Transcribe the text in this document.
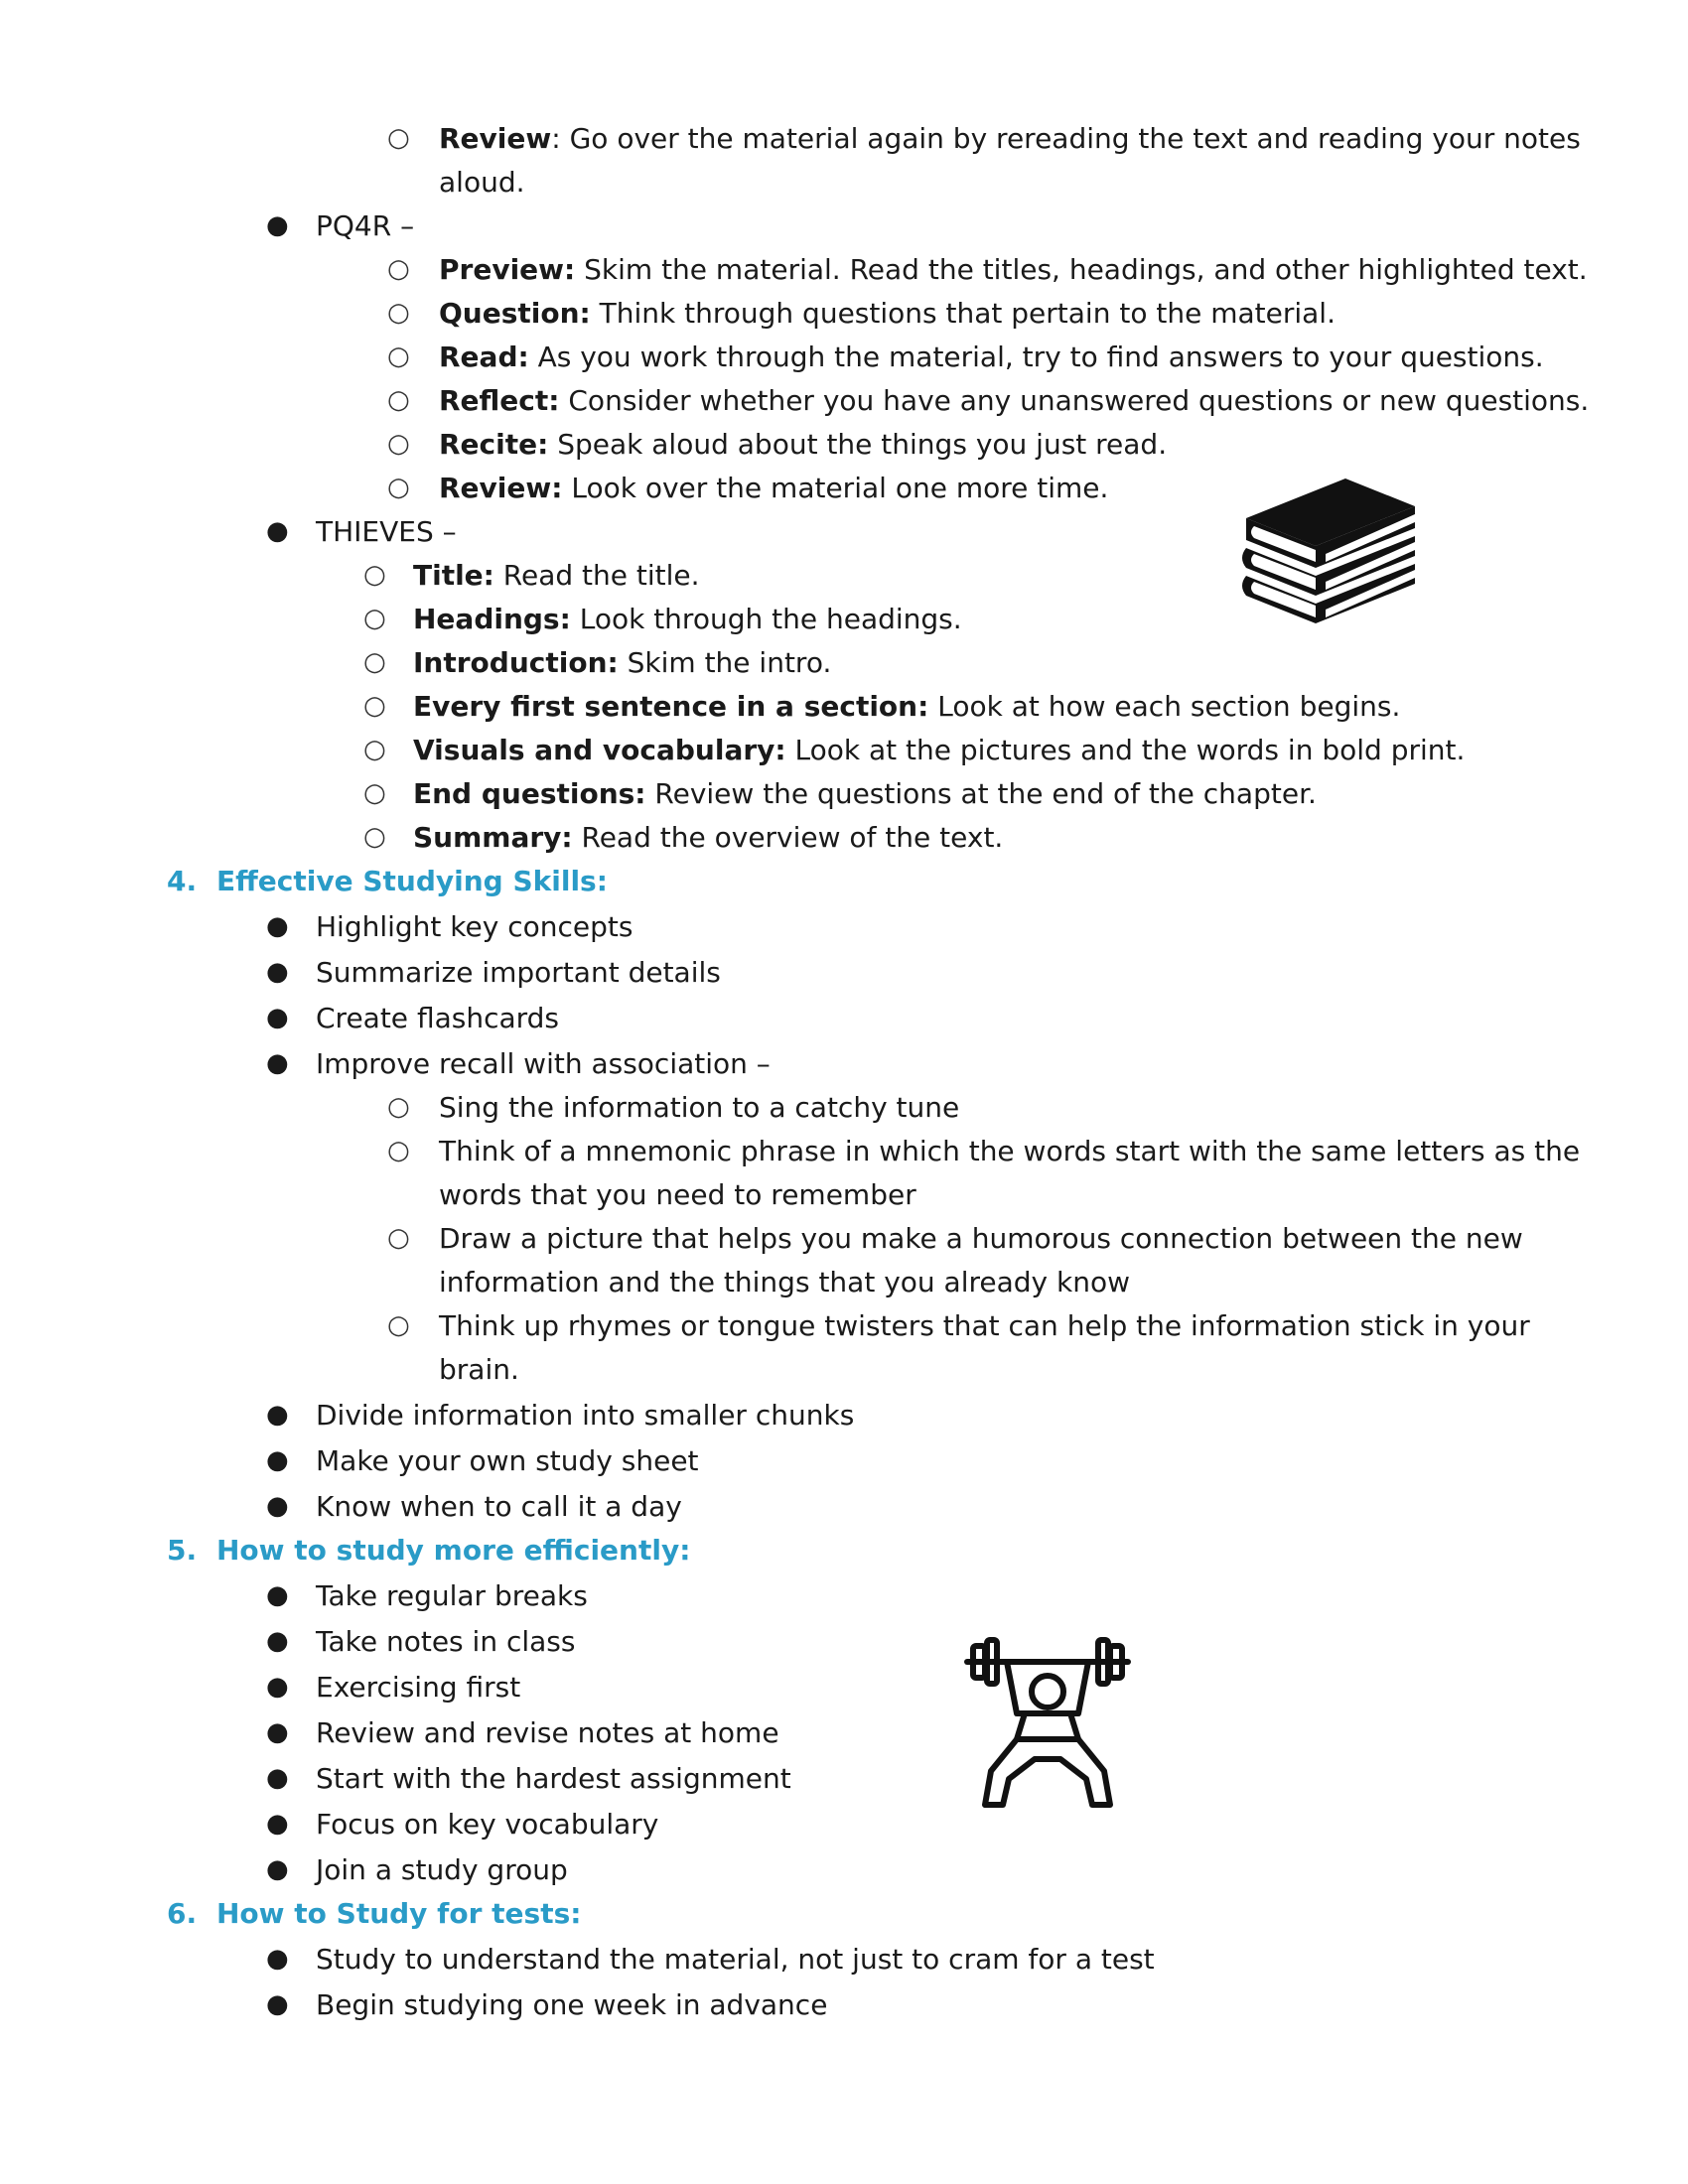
○ Review: Go over the material again by rereading the text and reading your notes
aloud.
● PQ4R –
○ Preview: Skim the material. Read the titles, headings, and other highlighted text.
○ Question: Think through questions that pertain to the material.
○ Read: As you work through the material, try to find answers to your questions.
○ Reflect: Consider whether you have any unanswered questions or new questions.
○ Recite: Speak aloud about the things you just read.
○ Review: Look over the material one more time.
● THIEVES –
○ Title: Read the title.
○ Headings: Look through the headings.
○ Introduction: Skim the intro.
○ Every first sentence in a section: Look at how each section begins.
○ Visuals and vocabulary: Look at the pictures and the words in bold print.
○ End questions: Review the questions at the end of the chapter.
○ Summary: Read the overview of the text.
4. Effective Studying Skills:
● Highlight key concepts
● Summarize important details
● Create flashcards
● Improve recall with association –
○ Sing the information to a catchy tune
○ Think of a mnemonic phrase in which the words start with the same letters as the
words that you need to remember
○ Draw a picture that helps you make a humorous connection between the new
information and the things that you already know
○ Think up rhymes or tongue twisters that can help the information stick in your
brain.
● Divide information into smaller chunks
● Make your own study sheet
● Know when to call it a day
5. How to study more efficiently:
● Take regular breaks
● Take notes in class
● Exercising first
● Review and revise notes at home
● Start with the hardest assignment
● Focus on key vocabulary
● Join a study group
6. How to Study for tests:
● Study to understand the material, not just to cram for a test
● Begin studying one week in advance
